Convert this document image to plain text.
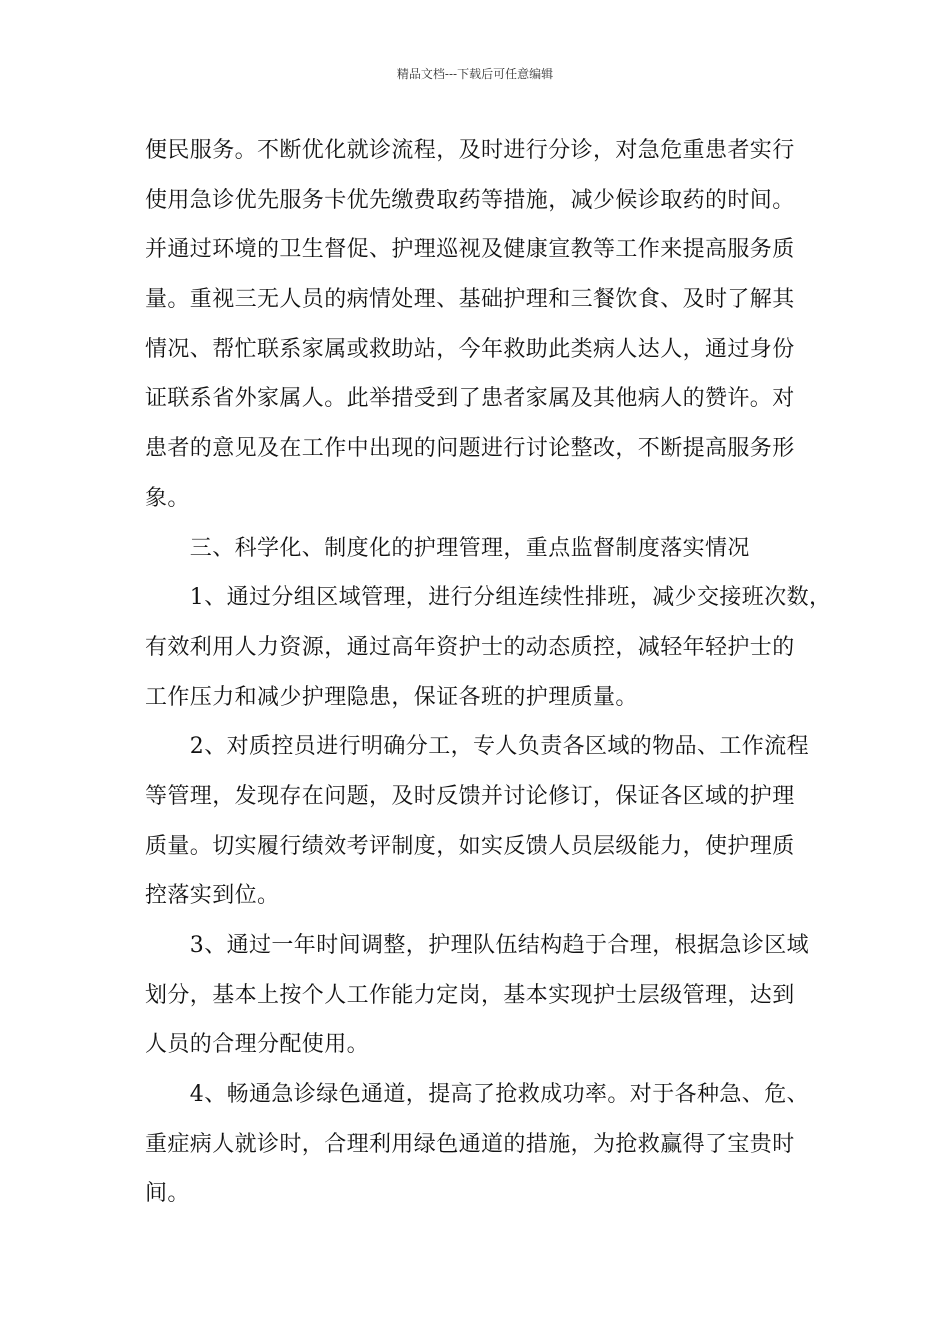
精品文档---下载后可任意编辑
便民服务。不断优化就诊流程，及时进行分诊，对急危重患者实行
使用急诊优先服务卡优先缴费取药等措施，减少候诊取药的时间。
并通过环境的卫生督促、护理巡视及健康宣教等工作来提高服务质
量。重视三无人员的病情处理、基础护理和三餐饮食、及时了解其
情况、帮忙联系家属或救助站，今年救助此类病人达人，通过身份
证联系省外家属人。此举措受到了患者家属及其他病人的赞许。对
患者的意见及在工作中出现的问题进行讨论整改，不断提高服务形
象。
　　三、科学化、制度化的护理管理，重点监督制度落实情况
　　1、通过分组区域管理，进行分组连续性排班，减少交接班次数，
有效利用人力资源，通过高年资护士的动态质控，减轻年轻护士的
工作压力和减少护理隐患，保证各班的护理质量。
　　2、对质控员进行明确分工，专人负责各区域的物品、工作流程
等管理，发现存在问题，及时反馈并讨论修订，保证各区域的护理
质量。切实履行绩效考评制度，如实反馈人员层级能力，使护理质
控落实到位。
　　3、通过一年时间调整，护理队伍结构趋于合理，根据急诊区域
划分，基本上按个人工作能力定岗，基本实现护士层级管理，达到
人员的合理分配使用。
　　4、畅通急诊绿色通道，提高了抢救成功率。对于各种急、危、
重症病人就诊时，合理利用绿色通道的措施，为抢救赢得了宝贵时
间。
